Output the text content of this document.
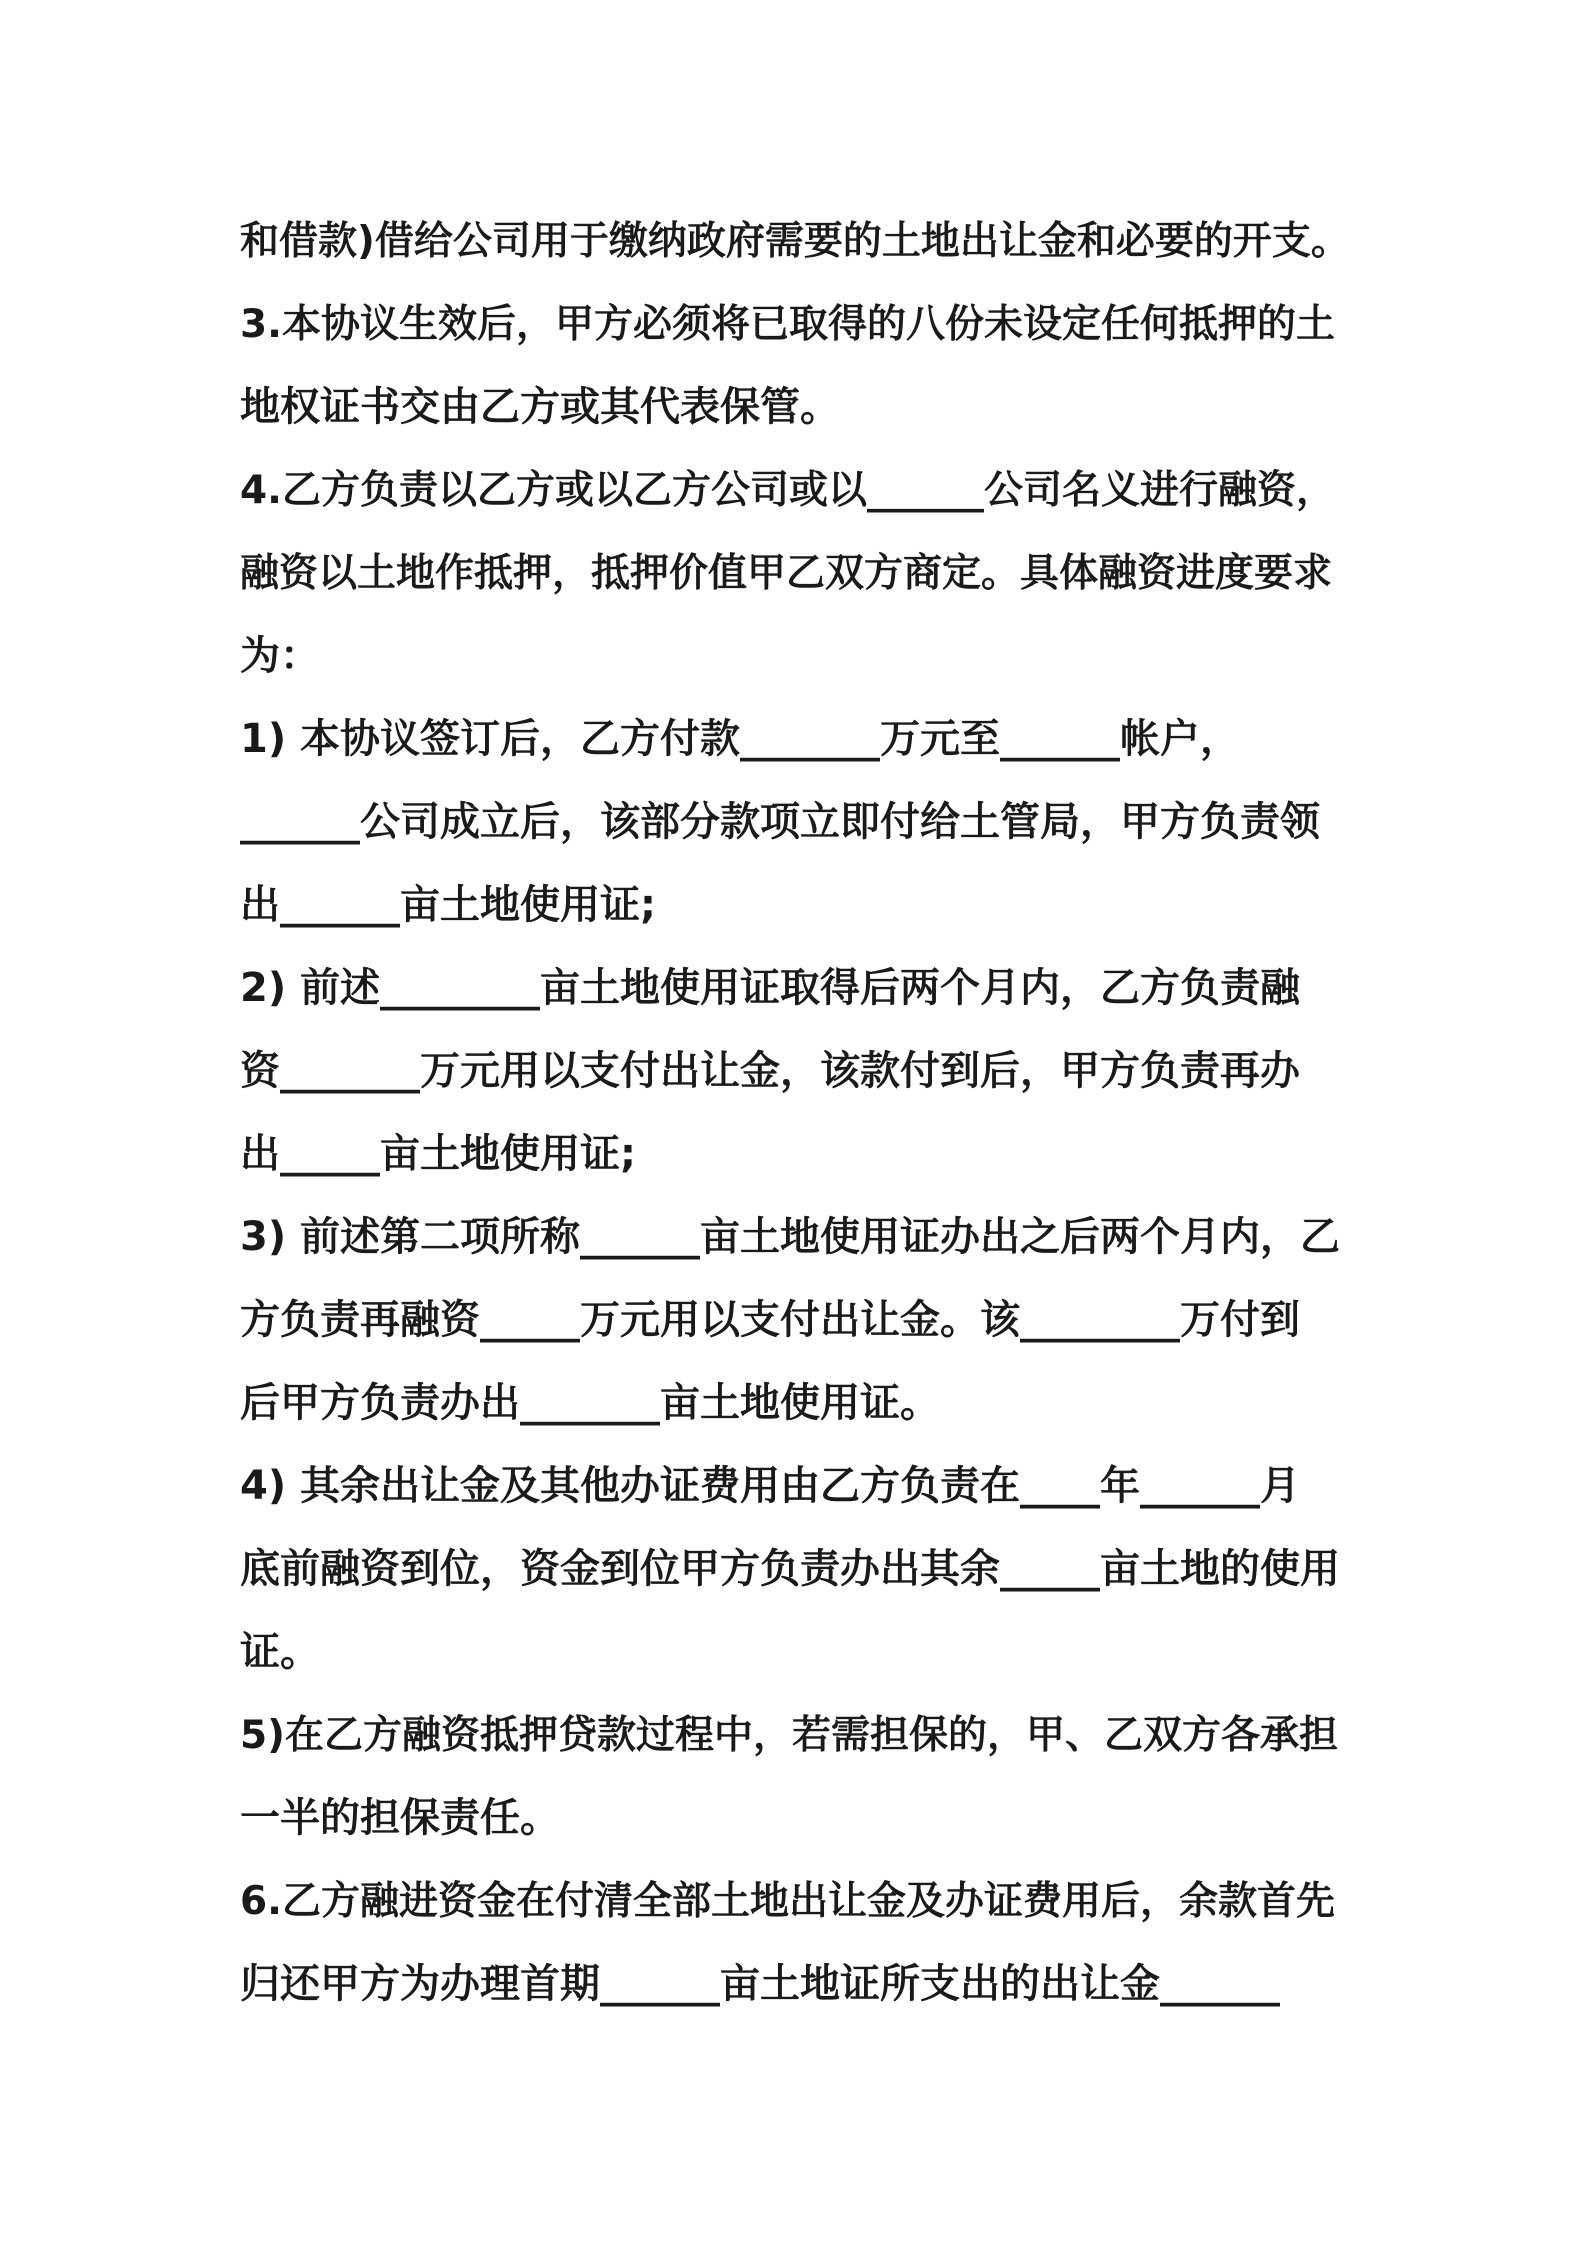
和借款)借给公司用于缴纳政府需要的土地出让金和必要的开支。
3.本协议生效后，甲方必须将已取得的八份未设定任何抵押的土
地权证书交由乙方或其代表保管。
4.乙方负责以乙方或以乙方公司或以______公司名义进行融资，
融资以土地作抵押，抵押价值甲乙双方商定。具体融资进度要求
为：
1) 本协议签订后，乙方付款_______万元至______帐户，
______公司成立后，该部分款项立即付给土管局，甲方负责领
出______亩土地使用证;
2) 前述________亩土地使用证取得后两个月内，乙方负责融
资_______万元用以支付出让金，该款付到后，甲方负责再办
出_____亩土地使用证;
3) 前述第二项所称______亩土地使用证办出之后两个月内，乙
方负责再融资_____万元用以支付出让金。该________万付到
后甲方负责办出_______亩土地使用证。
4) 其余出让金及其他办证费用由乙方负责在____年______月
底前融资到位，资金到位甲方负责办出其余_____亩土地的使用
证。
5)在乙方融资抵押贷款过程中，若需担保的，甲、乙双方各承担
一半的担保责任。
6.乙方融进资金在付清全部土地出让金及办证费用后，余款首先
归还甲方为办理首期______亩土地证所支出的出让金______
